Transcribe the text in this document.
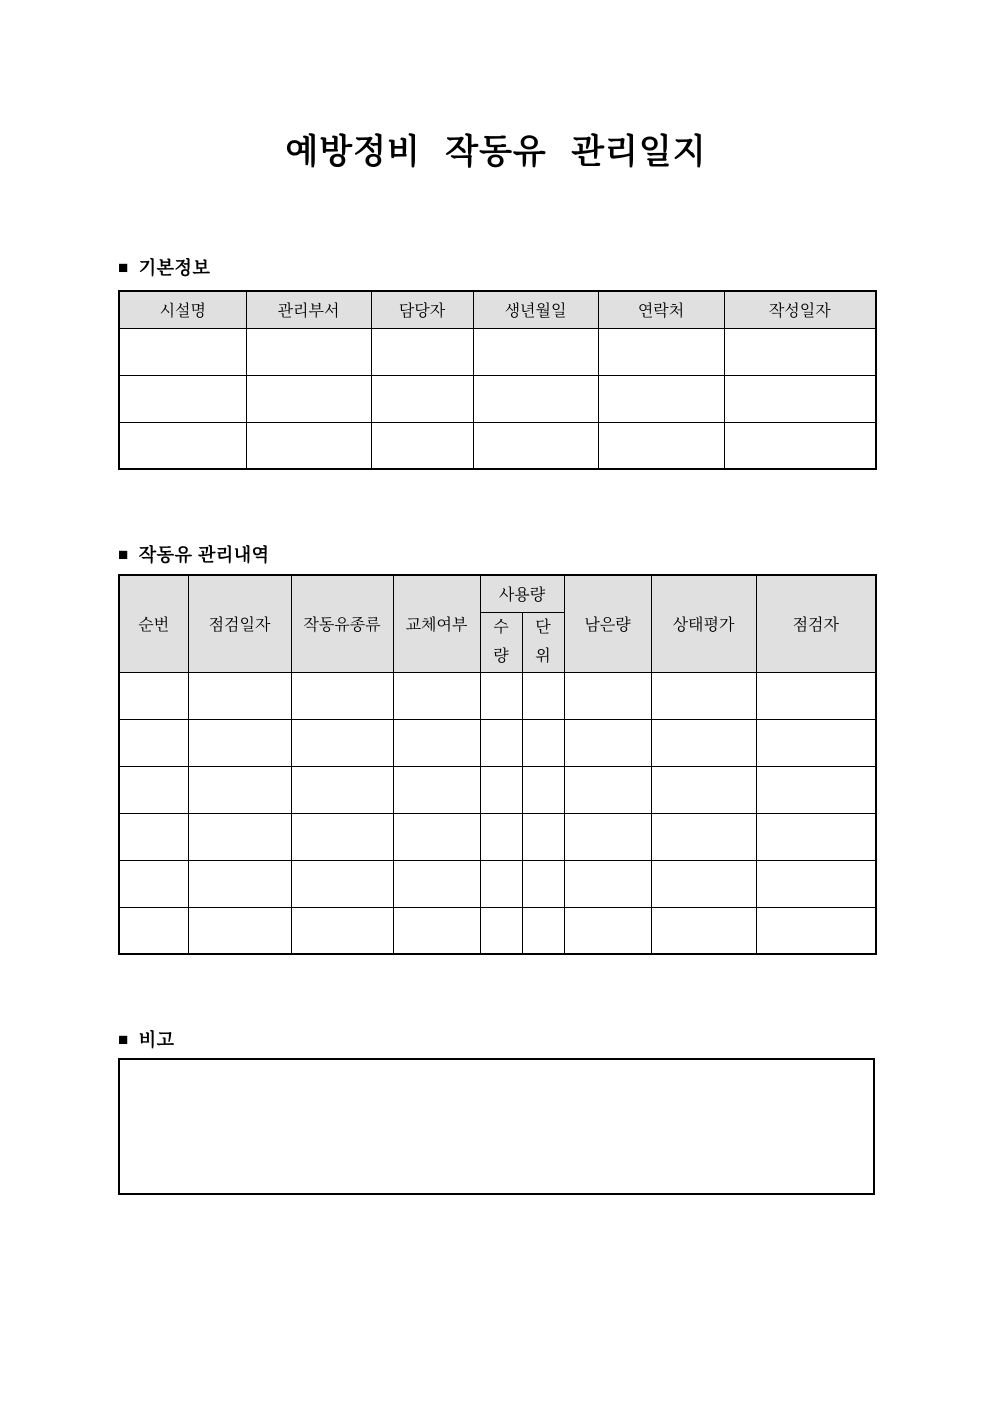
예방정비 작동유 관리일지
■ 기본정보
시설명	관리부서	담당자	생년월일	연락처	작성일자

■ 작동유 관리내역
순번	점검일자	작동유종류	교체여부	사용량		남은량	상태평가	점검자
				수량	단위			

■ 비고
